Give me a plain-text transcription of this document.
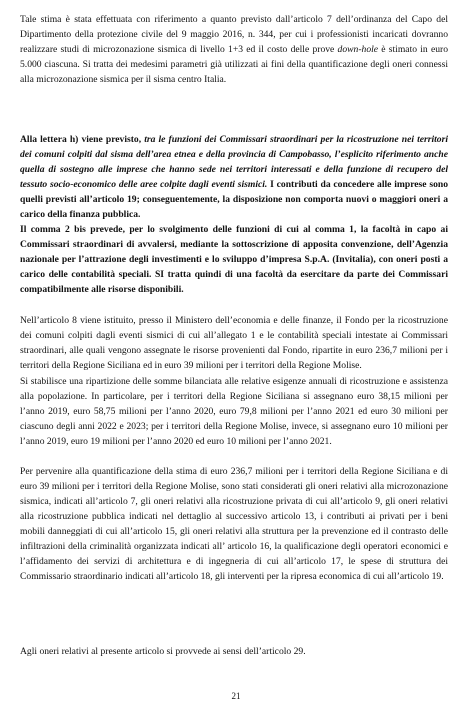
Tale stima è stata effettuata con riferimento a quanto previsto dall’articolo 7 dell’ordinanza del Capo del Dipartimento della protezione civile del 9 maggio 2016, n. 344, per cui i professionisti incaricati dovranno realizzare studi di microzonazione sismica di livello 1+3 ed il costo delle prove down-hole è stimato in euro 5.000 ciascuna. Si tratta dei medesimi parametri già utilizzati ai fini della quantificazione degli oneri connessi alla microzonazione sismica per il sisma centro Italia.

Alla lettera h) viene previsto, tra le funzioni dei Commissari straordinari per la ricostruzione nei territori dei comuni colpiti dal sisma dell’area etnea e della provincia di Campobasso, l’esplicito riferimento anche quella di sostegno alle imprese che hanno sede nei territori interessati e della funzione di recupero del tessuto socio-economico delle aree colpite dagli eventi sismici. I contributi da concedere alle imprese sono quelli previsti all’articolo 19; conseguentemente, la disposizione non comporta nuovi o maggiori oneri a carico della finanza pubblica.

Il comma 2 bis prevede, per lo svolgimento delle funzioni di cui al comma 1, la facoltà in capo ai Commissari straordinari di avvalersi, mediante la sottoscrizione di apposita convenzione, dell’Agenzia nazionale per l’attrazione degli investimenti e lo sviluppo d’impresa S.p.A. (Invitalia), con oneri posti a carico delle contabilità speciali. SI tratta quindi di una facoltà da esercitare da parte dei Commissari compatibilmente alle risorse disponibili.

Nell’articolo 8 viene istituito, presso il Ministero dell’economia e delle finanze, il Fondo per la ricostruzione dei comuni colpiti dagli eventi sismici di cui all’allegato 1 e le contabilità speciali intestate ai Commissari straordinari, alle quali vengono assegnate le risorse provenienti dal Fondo, ripartite in euro 236,7 milioni per i territori della Regione Siciliana ed in euro 39 milioni per i territori della Regione Molise.

Si stabilisce una ripartizione delle somme bilanciata alle relative esigenze annuali di ricostruzione e assistenza alla popolazione. In particolare, per i territori della Regione Siciliana si assegnano euro 38,15 milioni per l’anno 2019, euro 58,75 milioni per l’anno 2020, euro 79,8 milioni per l’anno 2021 ed euro 30 milioni per ciascuno degli anni 2022 e 2023; per i territori della Regione Molise, invece, si assegnano euro 10 milioni per l’anno 2019, euro 19 milioni per l’anno 2020 ed euro 10 milioni per l’anno 2021.

Per pervenire alla quantificazione della stima di euro 236,7 milioni per i territori della Regione Siciliana e di euro 39 milioni per i territori della Regione Molise, sono stati considerati gli oneri relativi alla microzonazione sismica, indicati all’articolo 7, gli oneri relativi alla ricostruzione privata di cui all’articolo 9, gli oneri relativi alla ricostruzione pubblica indicati nel dettaglio al successivo articolo 13, i contributi ai privati per i beni mobili danneggiati di cui all’articolo 15, gli oneri relativi alla struttura per la prevenzione ed il contrasto delle infiltrazioni della criminalità organizzata indicati all’ articolo 16, la qualificazione degli operatori economici e l’affidamento dei servizi di architettura e di ingegneria di cui all’articolo 17, le spese di struttura dei Commissario straordinario indicati all’articolo 18, gli interventi per la ripresa economica di cui all’articolo 19.

Agli oneri relativi al presente articolo si provvede ai sensi dell’articolo 29.

21
